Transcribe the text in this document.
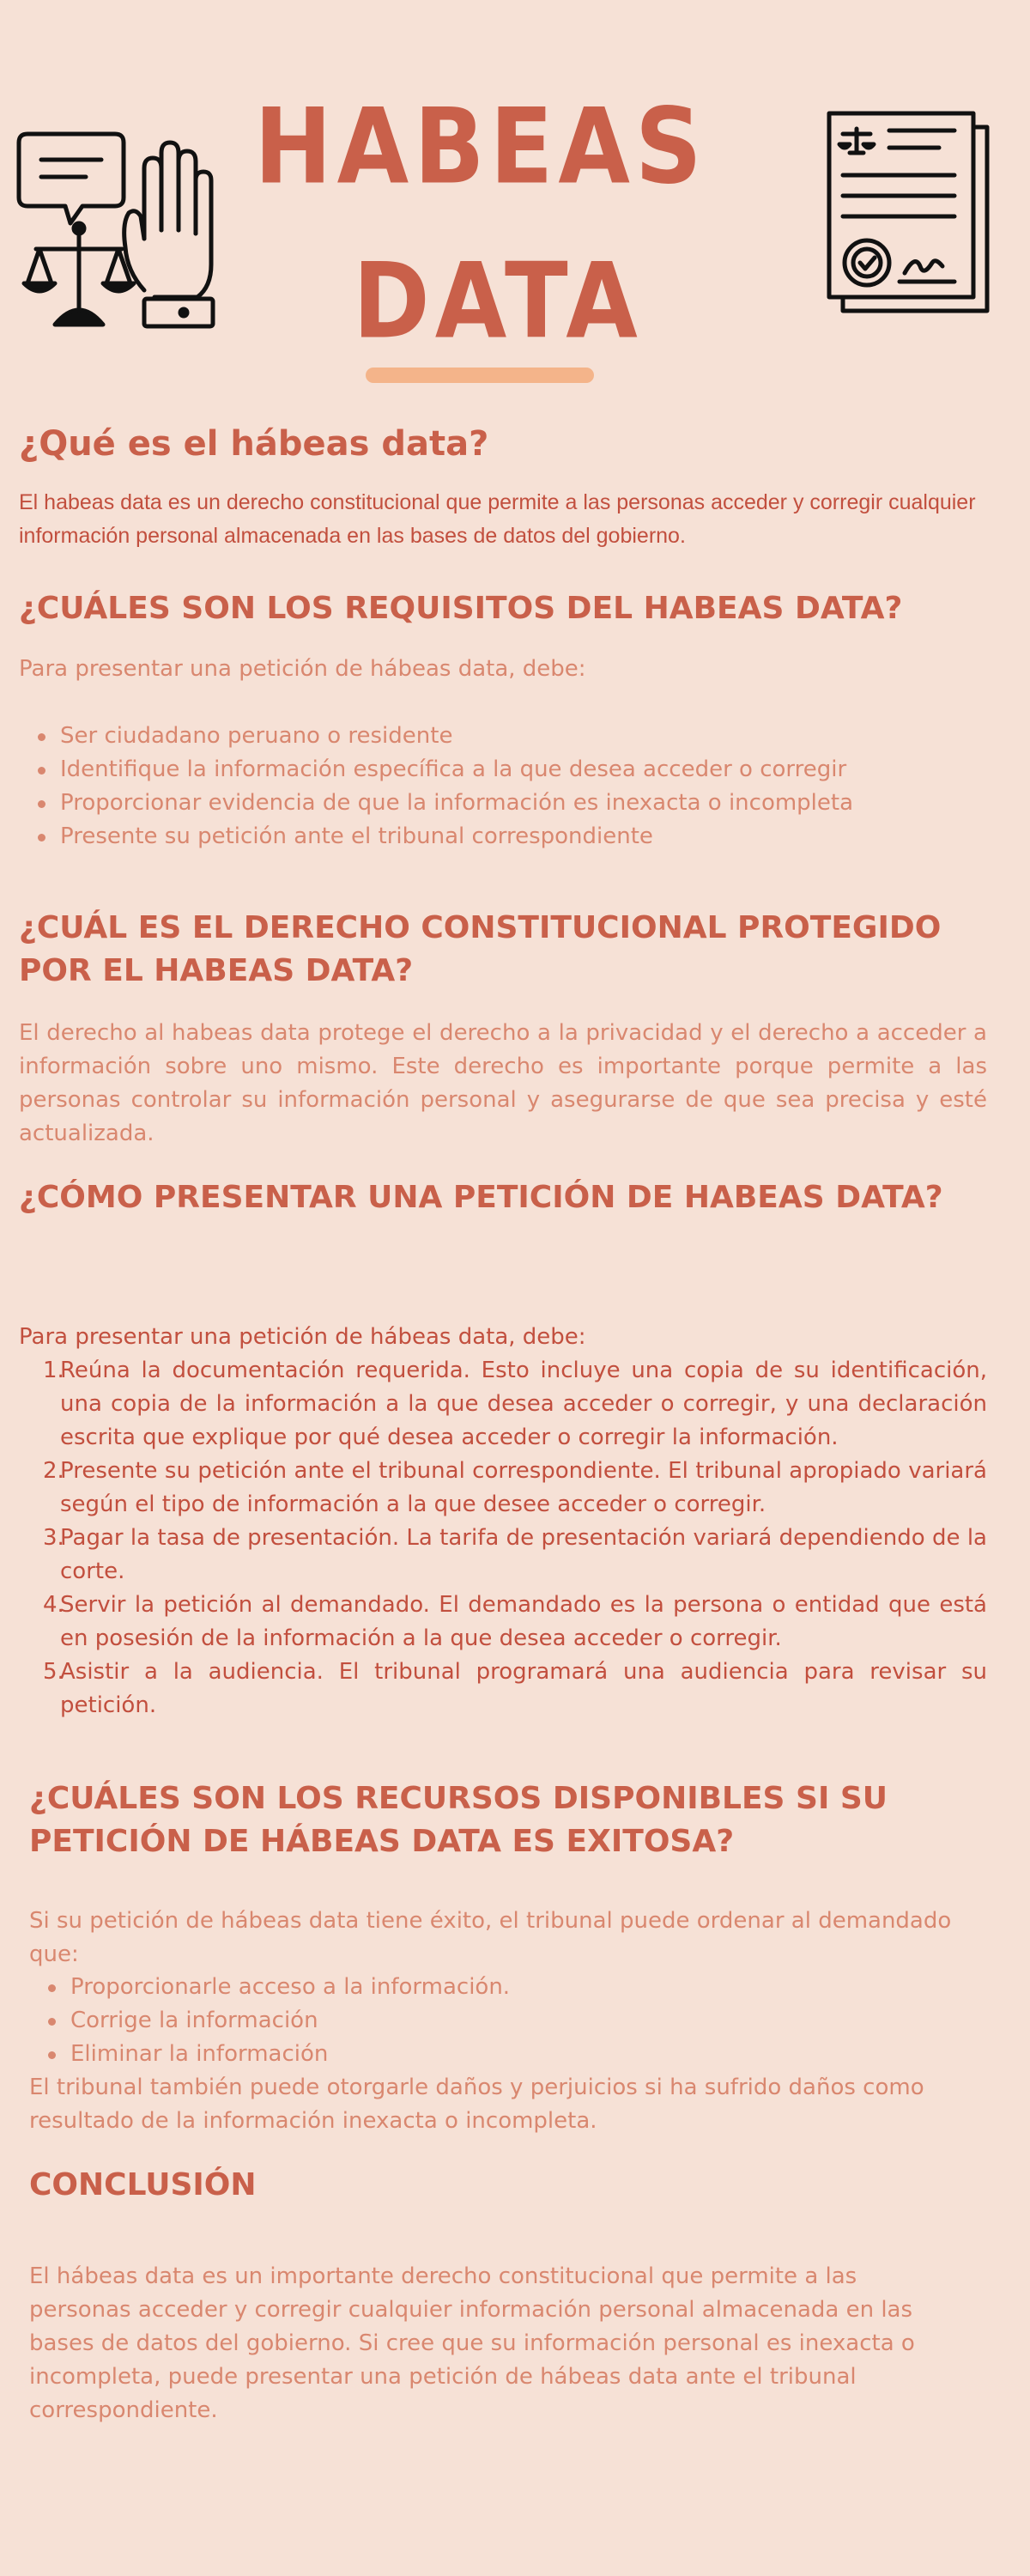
HABEAS
DATA
¿Qué es el hábeas data?

El habeas data es un derecho constitucional que permite a las personas acceder y corregir cualquier información personal almacenada en las bases de datos del gobierno.

¿CUÁLES SON LOS REQUISITOS DEL HABEAS DATA?

Para presentar una petición de hábeas data, debe:

Ser ciudadano peruano o residente
Identifique la información específica a la que desea acceder o corregir
Proporcionar evidencia de que la información es inexacta o incompleta
Presente su petición ante el tribunal correspondiente
¿CUÁL ES EL DERECHO CONSTITUCIONAL PROTEGIDO POR EL HABEAS DATA?

El derecho al habeas data protege el derecho a la privacidad y el derecho a acceder a información sobre uno mismo. Este derecho es importante porque permite a las personas controlar su información personal y asegurarse de que sea precisa y esté actualizada.

¿CÓMO PRESENTAR UNA PETICIÓN DE HABEAS DATA?

Para presentar una petición de hábeas data, debe:

1.
Reúna la documentación requerida. Esto incluye una copia de su identificación, una copia de la información a la que desea acceder o corregir, y una declaración escrita que explique por qué desea acceder o corregir la información.
2.
Presente su petición ante el tribunal correspondiente. El tribunal apropiado variará según el tipo de información a la que desee acceder o corregir.
3.
Pagar la tasa de presentación. La tarifa de presentación variará dependiendo de la corte.
4.
Servir la petición al demandado. El demandado es la persona o entidad que está en posesión de la información a la que desea acceder o corregir.
5.
Asistir a la audiencia. El tribunal programará una audiencia para revisar su petición.
¿CUÁLES SON LOS RECURSOS DISPONIBLES SI SU PETICIÓN DE HÁBEAS DATA ES EXITOSA?

Si su petición de hábeas data tiene éxito, el tribunal puede ordenar al demandado que:

Proporcionarle acceso a la información.
Corrige la información
Eliminar la información

El tribunal también puede otorgarle daños y perjuicios si ha sufrido daños como resultado de la información inexacta o incompleta.

CONCLUSIÓN

El hábeas data es un importante derecho constitucional que permite a las personas acceder y corregir cualquier información personal almacenada en las bases de datos del gobierno. Si cree que su información personal es inexacta o incompleta, puede presentar una petición de hábeas data ante el tribunal correspondiente.
